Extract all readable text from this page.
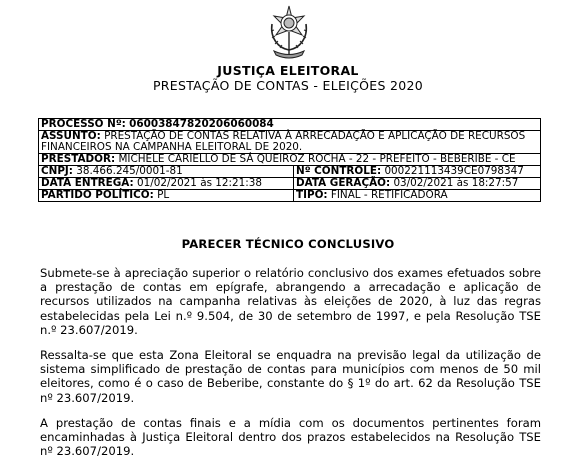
JUSTIÇA ELEITORAL
PRESTAÇÃO DE CONTAS - ELEIÇÕES 2020
PROCESSO Nº: 06003847820206060084	
ASSUNTO: PRESTAÇÃO DE CONTAS RELATIVA À ARRECADAÇÃO E APLICAÇÃO DE RECURSOS FINANCEIROS NA CAMPANHA ELEITORAL DE 2020.	
PRESTADOR: MICHELE CARIELLO DE SÁ QUEIROZ ROCHA - 22 - PREFEITO - BEBERIBE - CE	
CNPJ: 38.466.245/0001-81	Nº CONTROLE: 000221113439CE0798347
DATA ENTREGA: 01/02/2021 às 12:21:38	DATA GERAÇÃO: 03/02/2021 às 18:27:57
PARTIDO POLÍTICO: PL	TIPO: FINAL - RETIFICADORA
PARECER TÉCNICO CONCLUSIVO

Submete-se à apreciação superior o relatório conclusivo dos exames efetuados sobre a prestação de contas em epígrafe, abrangendo a arrecadação e aplicação de recursos utilizados na campanha relativas às eleições de 2020, à luz das regras estabelecidas pela Lei n.º 9.504, de 30 de setembro de 1997, e pela Resolução TSE n.º 23.607/2019.

Ressalta-se que esta Zona Eleitoral se enquadra na previsão legal da utilização de sistema simplificado de prestação de contas para municípios com menos de 50 mil eleitores, como é o caso de Beberibe, constante do § 1º do art. 62 da Resolução TSE nº 23.607/2019.

A prestação de contas finais e a mídia com os documentos pertinentes foram encaminhadas à Justiça Eleitoral dentro dos prazos estabelecidos na Resolução TSE nº 23.607/2019.
